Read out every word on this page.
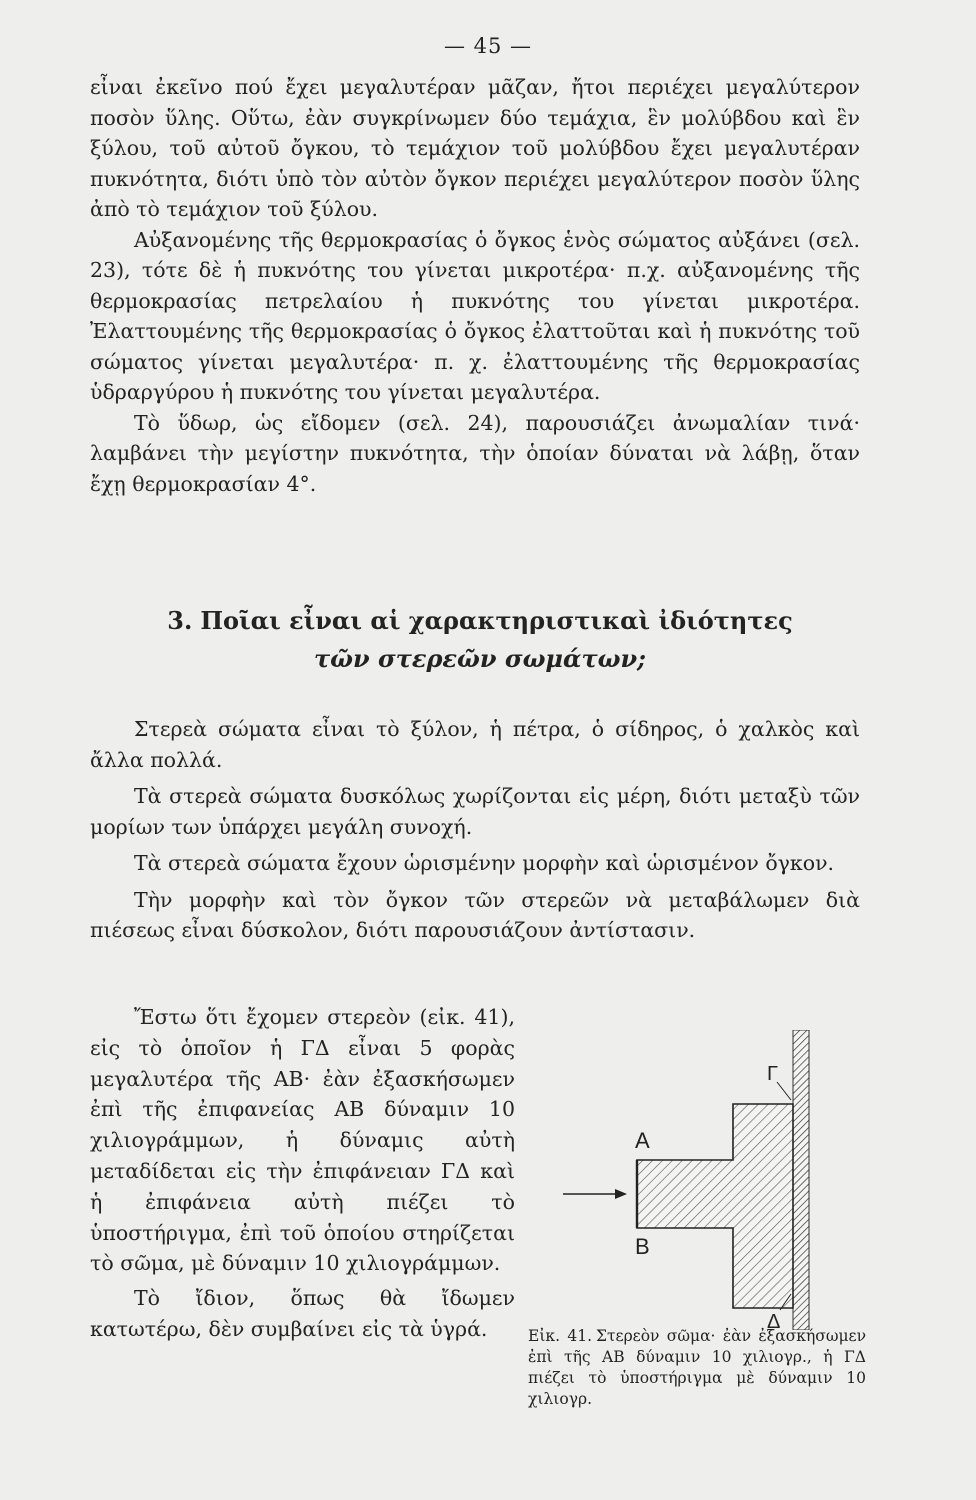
— 45 —

εἶναι ἐκεῖνο πού ἔχει μεγαλυτέραν μᾶζαν, ἤτοι περιέχει μεγαλύτερον ποσὸν ὕλης. Οὕτω, ἐὰν συγκρίνωμεν δύο τεμάχια, ἓν μολύβδου καὶ ἓν ξύλου, τοῦ αὐτοῦ ὄγκου, τὸ τεμάχιον τοῦ μολύβδου ἔχει μεγαλυτέραν πυκνότητα, διότι ὑπὸ τὸν αὐτὸν ὄγκον περιέχει μεγαλύτερον ποσὸν ὕλης ἀπὸ τὸ τεμάχιον τοῦ ξύλου.

Αὐξανομένης τῆς θερμοκρασίας ὁ ὄγκος ἑνὸς σώματος αὐξάνει (σελ. 23), τότε δὲ ἡ πυκνότης του γίνεται μικροτέρα· π.χ. αὐξανομένης τῆς θερμοκρασίας πετρελαίου ἡ πυκνότης του γίνεται μικροτέρα. Ἐλαττουμένης τῆς θερμοκρασίας ὁ ὄγκος ἐλαττοῦται καὶ ἡ πυκνότης τοῦ σώματος γίνεται μεγαλυτέρα· π. χ. ἐλαττουμένης τῆς θερμοκρασίας ὑδραργύρου ἡ πυκνότης του γίνεται μεγαλυτέρα.

Τὸ ὕδωρ, ὡς εἴδομεν (σελ. 24), παρουσιάζει ἀνωμαλίαν τινά· λαμβάνει τὴν μεγίστην πυκνότητα, τὴν ὁποίαν δύναται νὰ λάβῃ, ὅταν ἔχῃ θερμοκρασίαν 4°.

3. Ποῖαι εἶναι αἱ χαρακτηριστικαὶ ἰδιότητες
τῶν στερεῶν σωμάτων;

Στερεὰ σώματα εἶναι τὸ ξύλον, ἡ πέτρα, ὁ σίδηρος, ὁ χαλκὸς καὶ ἄλλα πολλά.

Τὰ στερεὰ σώματα δυσκόλως χωρίζονται εἰς μέρη, διότι μεταξὺ τῶν μορίων των ὑπάρχει μεγάλη συνοχή.

Τὰ στερεὰ σώματα ἔχουν ὡρισμένην μορφὴν καὶ ὡρισμένον ὄγκον.

Τὴν μορφὴν καὶ τὸν ὄγκον τῶν στερεῶν νὰ μεταβάλωμεν διὰ πιέσεως εἶναι δύσκολον, διότι παρουσιάζουν ἀντίστασιν.

Ἔστω ὅτι ἔχομεν στερεὸν (εἰκ. 41), εἰς τὸ ὁποῖον ἡ ΓΔ εἶναι 5 φορὰς μεγαλυτέρα τῆς ΑΒ· ἐὰν ἐξασκήσωμεν ἐπὶ τῆς ἐπιφανείας ΑΒ δύναμιν 10 χιλιογράμμων, ἡ δύναμις αὐτὴ μεταδίδεται εἰς τὴν ἐπιφάνειαν ΓΔ καὶ ἡ ἐπιφάνεια αὐτὴ πιέζει τὸ ὑποστήριγμα, ἐπὶ τοῦ ὁποίου στηρίζεται τὸ σῶμα, μὲ δύναμιν 10 χιλιογράμμων.

Τὸ ἴδιον, ὅπως θὰ ἴδωμεν κατωτέρω, δὲν συμβαίνει εἰς τὰ ὑγρά.

Α
Β
Γ
Δ
Εἰκ. 41. Στερεὸν σῶμα· ἐὰν ἐξασκήσωμεν ἐπὶ τῆς ΑΒ δύναμιν 10 χιλιογρ., ἡ ΓΔ πιέζει τὸ ὑποστήριγμα μὲ δύναμιν 10 χιλιογρ.
